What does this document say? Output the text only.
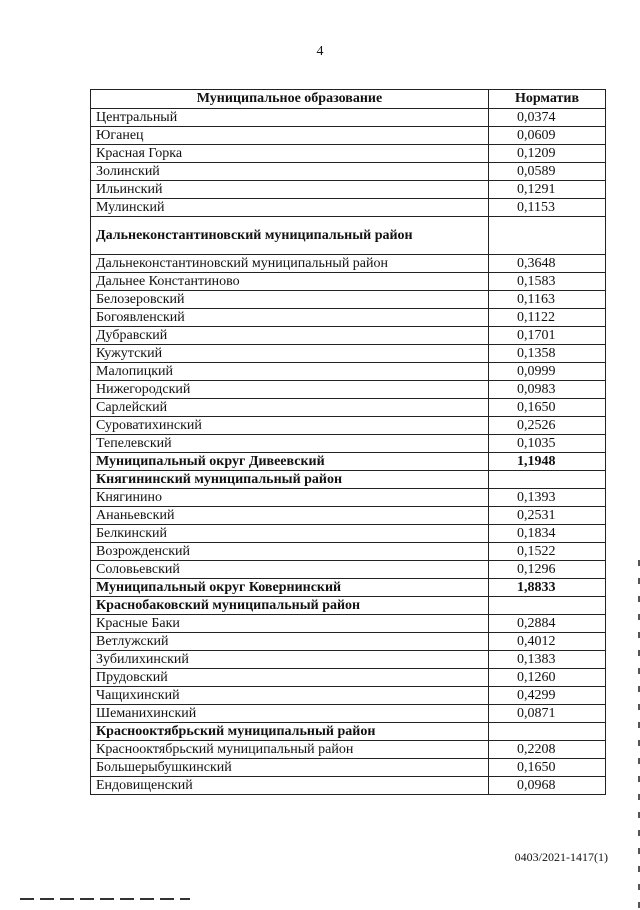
4
Муниципальное образование	Норматив
Центральный	0,0374
Юганец	0,0609
Красная Горка	0,1209
Золинский	0,0589
Ильинский	0,1291
Мулинский	0,1153
Дальнеконстантиновский муниципальный район	
Дальнеконстантиновский муниципальный район	0,3648
Дальнее Константиново	0,1583
Белозеровский	0,1163
Богоявленский	0,1122
Дубравский	0,1701
Кужутский	0,1358
Малопицкий	0,0999
Нижегородский	0,0983
Сарлейский	0,1650
Суроватихинский	0,2526
Тепелевский	0,1035
Муниципальный округ Дивеевский	1,1948
Княгининский муниципальный район	
Княгинино	0,1393
Ананьевский	0,2531
Белкинский	0,1834
Возрожденский	0,1522
Соловьевский	0,1296
Муниципальный округ Ковернинский	1,8833
Краснобаковский муниципальный район	
Красные Баки	0,2884
Ветлужский	0,4012
Зубилихинский	0,1383
Прудовский	0,1260
Чащихинский	0,4299
Шеманихинский	0,0871
Краснооктябрьский муниципальный район	
Краснооктябрьский муниципальный район	0,2208
Большерыбушкинский	0,1650
Ендовищенский	0,0968
0403/2021-1417(1)
